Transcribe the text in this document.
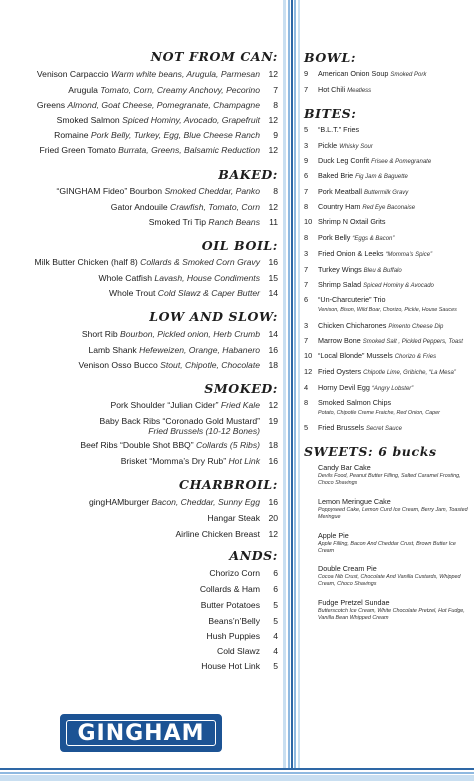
NOT FROM CAN:
Venison Carpaccio Warm white beans, Arugula, Parmesan 12
Arugula Tomato, Corn, Creamy Anchovy, Pecorino	7
Greens Almond, Goat Cheese, Pomegranate, Champagne	8
Smoked Salmon Spiced Hominy, Avocado, Grapefruit 12
Romaine Pork Belly, Turkey, Egg, Blue Cheese Ranch	9
Fried Green Tomato Burrata, Greens, Balsamic Reduction 12
BAKED:
“GINGHAM Fideo” Bourbon Smoked Cheddar, Panko	8
Gator Andouile Crawfish, Tomato, Corn 12
Smoked Tri Tip Ranch Beans	11
OIL BOIL:
Milk Butter Chicken (half 8) Collards & Smoked Corn Gravy 16
Whole Catfish Lavash, House Condiments 15
Whole Trout Cold Slawz & Caper Butter 14
LOW AND SLOW:
Short Rib Bourbon, Pickled onion, Herb Crumb 14
Lamb Shank Hefeweizen, Orange, Habanero 16
Venison Osso Bucco Stout, Chipotle, Chocolate 18
SMOKED:
Pork Shoulder “Julian Cider” Fried Kale 12
Baby Back Ribs “Coronado Gold Mustard”
Fried Brussels (10-12 Bones)
19
Beef Ribs “Double Shot BBQ” Collards (5 Ribs) 18
Brisket “Momma’s Dry Rub” Hot Link 16
CHARBROIL:
gingHAMburger Bacon, Cheddar, Sunny Egg 16
Hangar Steak 20
Airline Chicken Breast 12
ANDS:
Chorizo Corn	6
Collards & Ham	6
Butter Potatoes	5
Beans’n’Belly	5
Hush Puppies	4
Cold Slawz	4
House Hot Link	5
GINGHAM
BOWL:
9	American Onion Soup Smoked Pork
7	Hot Chili Meatless
BITES:
5	“B.L.T.” Fries
3	Pickle Whisky Sour
9	Duck Leg Confit Frisee & Pomegranate
6	Baked Brie Fig Jam & Baguette
7	Pork Meatball Buttermilk Gravy
8	Country Ham Red Eye Baconaise
10 Shrimp N Oxtail Grits
8	Pork Belly “Eggs & Bacon”
3	Fried Onion & Leeks “Momma’s Spice”
7	Turkey Wings Bleu & Buffalo
7	Shrimp Salad Spiced Hominy & Avocado
6	“Un-Charcuterie” Trio
Venison, Bison, Wild Boar, Chorizo, Pickle, House Sauces
3	Chicken Chicharones Pimento Cheese Dip
7	Marrow Bone Smoked Salt , Pickled Peppers, Toast
10 “Local Blonde” Mussels Chorizo & Fries
12 Fried Oysters Chipotle Lime, Gribiche, “La Mesa”
4	Horny Devil Egg “Angry Lobster”
8	Smoked Salmon Chips
Potato, Chipotle Creme Fraiche, Red Onion, Caper
5	Fried Brussels Secret Sauce
SWEETS: 6 bucks
Candy Bar Cake
Devils Food, Peanut Butter Filling, Salted Caramel Frosting, Choco Shavings
Lemon Meringue Cake
Poppyseed Cake, Lemon Curd Ice Cream, Berry Jam, Toasted Meringue
Apple Pie
Apple Filling, Bacon And Cheddar Crust, Brown Butter Ice Cream
Double Cream Pie
Cocoa Nib Crust, Chocolate And Vanilla Custards, Whipped Cream, Choco Shavings
Fudge Pretzel Sundae
Butterscotch Ice Cream, White Chocolate Pretzel, Hot Fudge, Vanilla Bean Whipped Cream
